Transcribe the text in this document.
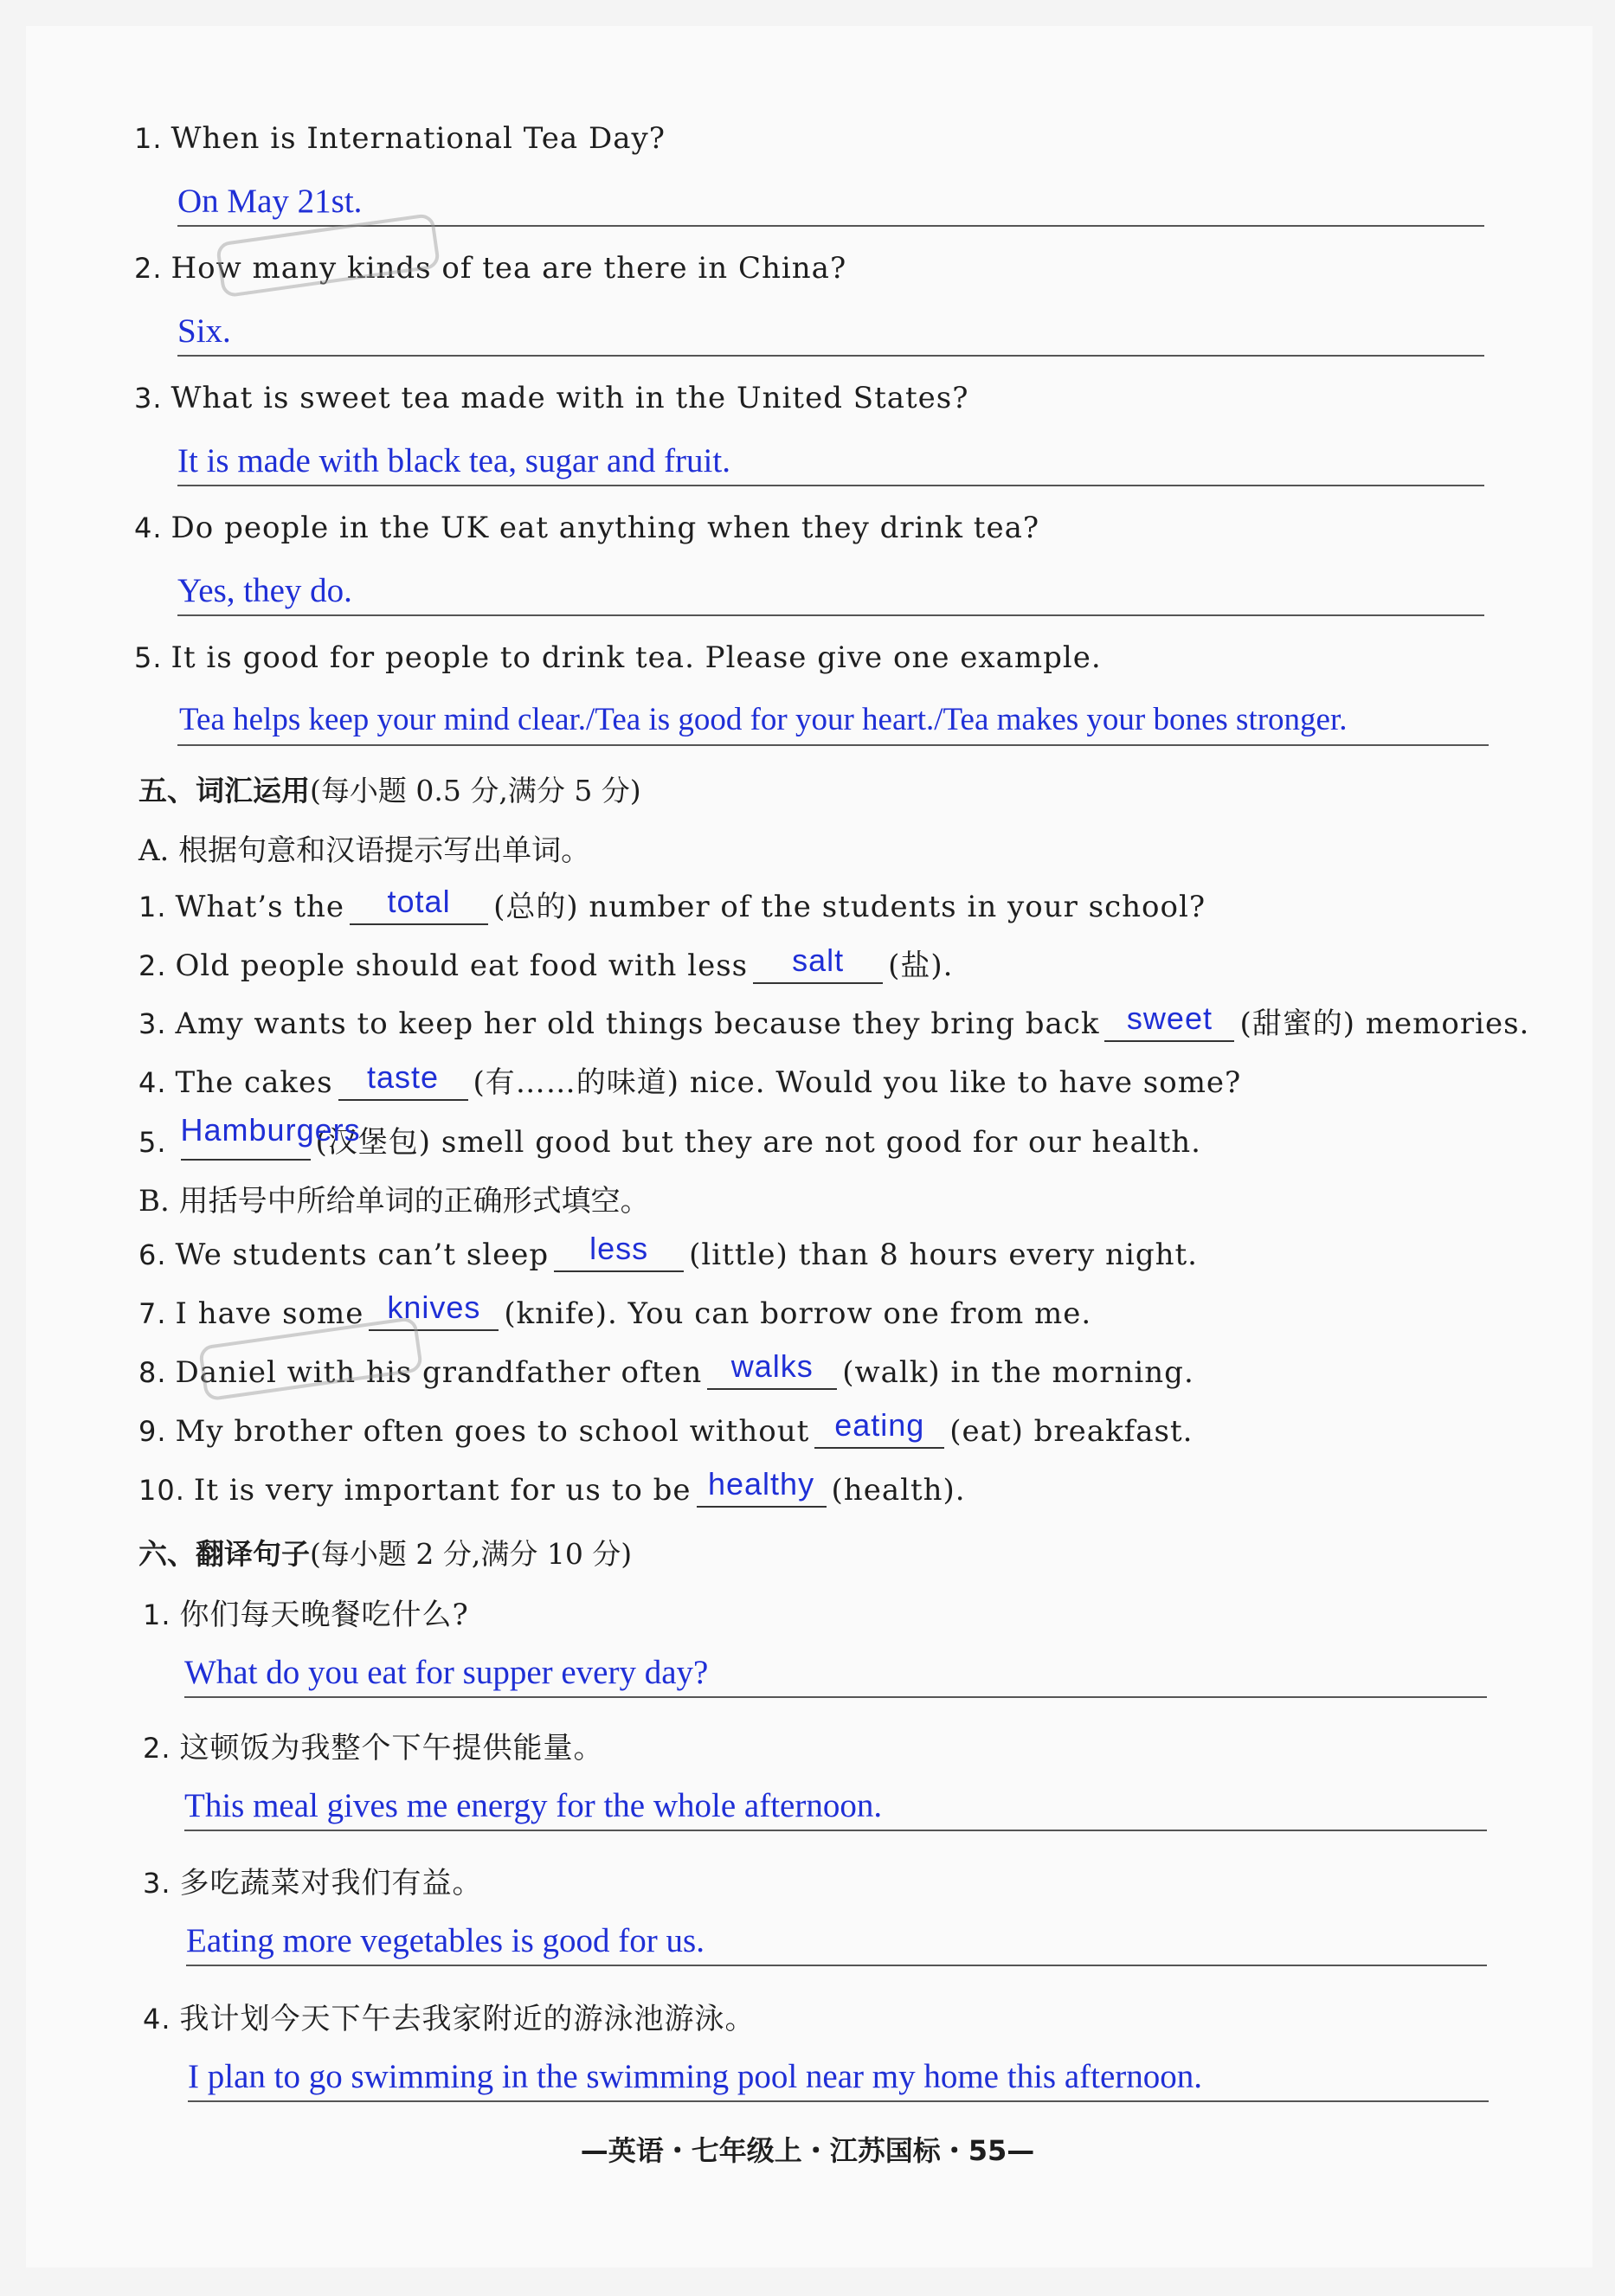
1. When is International Tea Day?
On May 21st.
2. How many kinds of tea are there in China?
Six.
3. What is sweet tea made with in the United States?
It is made with black tea, sugar and fruit.
4. Do people in the UK eat anything when they drink tea?
Yes, they do.
5. It is good for people to drink tea. Please give one example.
Tea helps keep your mind clear./Tea is good for your heart./Tea makes your bones stronger.
五、词汇运用(每小题 0.5 分,满分 5 分)
A. 根据句意和汉语提示写出单词。
1. What’s the	total	(总的) number of the students in your school?
2. Old people should eat food with less	salt	(盐).
3. Amy wants to keep her old things because they bring back sweet (甜蜜的) memories.
4. The cakes	taste	(有……的味道) nice. Would you like to have some?
5. Hamburgers
(汉堡包) smell good but they are not good for our health.
B. 用括号中所给单词的正确形式填空。
6. We students can’t sleep	less	(little) than 8 hours every night.
7. I have some knives (knife). You can borrow one from me.
8. Daniel with his grandfather often walks (walk) in the morning.
9. My brother often goes to school without eating (eat) breakfast.
10. It is very important for us to be healthy (health).
六、翻译句子(每小题 2 分,满分 10 分)
1. 你们每天晚餐吃什么?
What do you eat for supper every day?
2. 这顿饭为我整个下午提供能量。
This meal gives me energy for the whole afternoon.
3. 多吃蔬菜对我们有益。
Eating more vegetables is good for us.
4. 我计划今天下午去我家附近的游泳池游泳。
I plan to go swimming in the swimming pool near my home this afternoon.
—英语・七年级上・江苏国标・55—
